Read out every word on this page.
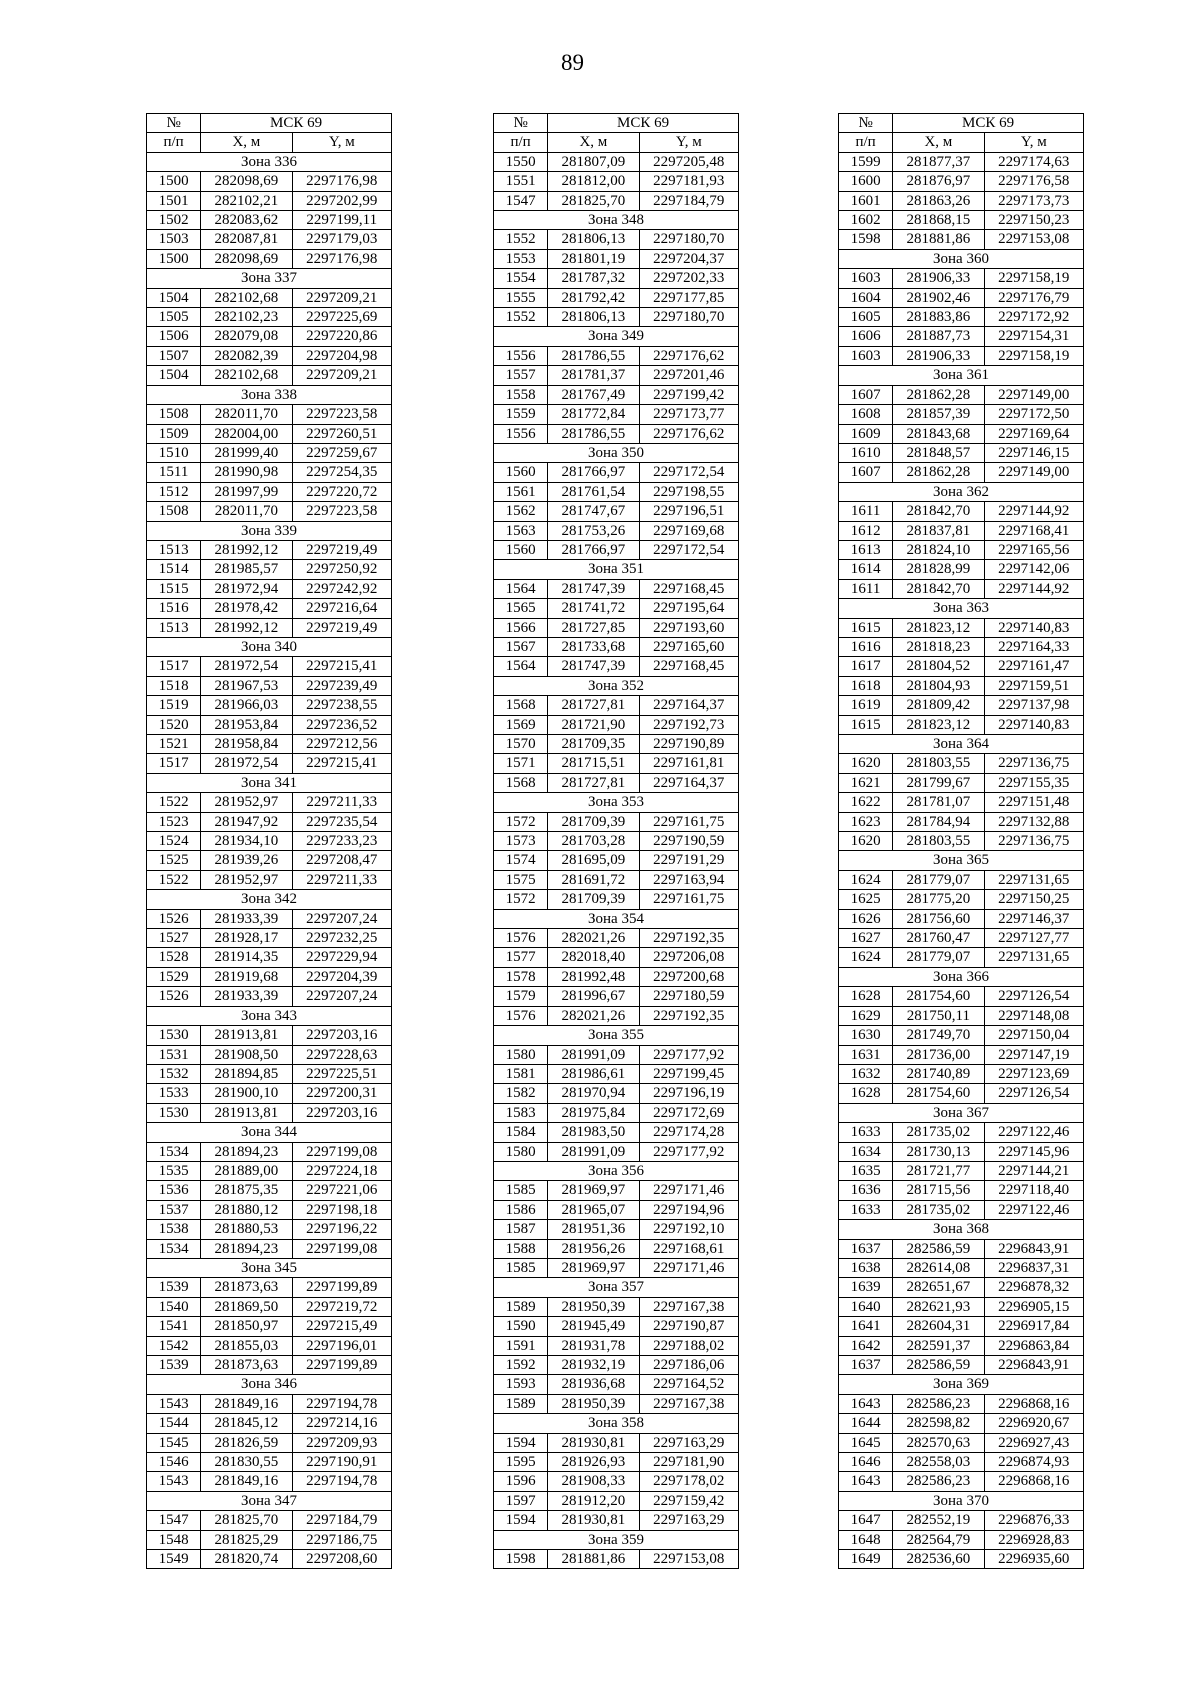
89
№	МСК 69	
п/п	X, м	Y, м
Зона 336		
1500	282098,69	2297176,98
1501	282102,21	2297202,99
1502	282083,62	2297199,11
1503	282087,81	2297179,03
1500	282098,69	2297176,98
Зона 337		
1504	282102,68	2297209,21
1505	282102,23	2297225,69
1506	282079,08	2297220,86
1507	282082,39	2297204,98
1504	282102,68	2297209,21
Зона 338		
1508	282011,70	2297223,58
1509	282004,00	2297260,51
1510	281999,40	2297259,67
1511	281990,98	2297254,35
1512	281997,99	2297220,72
1508	282011,70	2297223,58
Зона 339		
1513	281992,12	2297219,49
1514	281985,57	2297250,92
1515	281972,94	2297242,92
1516	281978,42	2297216,64
1513	281992,12	2297219,49
Зона 340		
1517	281972,54	2297215,41
1518	281967,53	2297239,49
1519	281966,03	2297238,55
1520	281953,84	2297236,52
1521	281958,84	2297212,56
1517	281972,54	2297215,41
Зона 341		
1522	281952,97	2297211,33
1523	281947,92	2297235,54
1524	281934,10	2297233,23
1525	281939,26	2297208,47
1522	281952,97	2297211,33
Зона 342		
1526	281933,39	2297207,24
1527	281928,17	2297232,25
1528	281914,35	2297229,94
1529	281919,68	2297204,39
1526	281933,39	2297207,24
Зона 343		
1530	281913,81	2297203,16
1531	281908,50	2297228,63
1532	281894,85	2297225,51
1533	281900,10	2297200,31
1530	281913,81	2297203,16
Зона 344		
1534	281894,23	2297199,08
1535	281889,00	2297224,18
1536	281875,35	2297221,06
1537	281880,12	2297198,18
1538	281880,53	2297196,22
1534	281894,23	2297199,08
Зона 345		
1539	281873,63	2297199,89
1540	281869,50	2297219,72
1541	281850,97	2297215,49
1542	281855,03	2297196,01
1539	281873,63	2297199,89
Зона 346		
1543	281849,16	2297194,78
1544	281845,12	2297214,16
1545	281826,59	2297209,93
1546	281830,55	2297190,91
1543	281849,16	2297194,78
Зона 347		
1547	281825,70	2297184,79
1548	281825,29	2297186,75
1549	281820,74	2297208,60
№	МСК 69	
п/п	X, м	Y, м
1550	281807,09	2297205,48
1551	281812,00	2297181,93
1547	281825,70	2297184,79
Зона 348		
1552	281806,13	2297180,70
1553	281801,19	2297204,37
1554	281787,32	2297202,33
1555	281792,42	2297177,85
1552	281806,13	2297180,70
Зона 349		
1556	281786,55	2297176,62
1557	281781,37	2297201,46
1558	281767,49	2297199,42
1559	281772,84	2297173,77
1556	281786,55	2297176,62
Зона 350		
1560	281766,97	2297172,54
1561	281761,54	2297198,55
1562	281747,67	2297196,51
1563	281753,26	2297169,68
1560	281766,97	2297172,54
Зона 351		
1564	281747,39	2297168,45
1565	281741,72	2297195,64
1566	281727,85	2297193,60
1567	281733,68	2297165,60
1564	281747,39	2297168,45
Зона 352		
1568	281727,81	2297164,37
1569	281721,90	2297192,73
1570	281709,35	2297190,89
1571	281715,51	2297161,81
1568	281727,81	2297164,37
Зона 353		
1572	281709,39	2297161,75
1573	281703,28	2297190,59
1574	281695,09	2297191,29
1575	281691,72	2297163,94
1572	281709,39	2297161,75
Зона 354		
1576	282021,26	2297192,35
1577	282018,40	2297206,08
1578	281992,48	2297200,68
1579	281996,67	2297180,59
1576	282021,26	2297192,35
Зона 355		
1580	281991,09	2297177,92
1581	281986,61	2297199,45
1582	281970,94	2297196,19
1583	281975,84	2297172,69
1584	281983,50	2297174,28
1580	281991,09	2297177,92
Зона 356		
1585	281969,97	2297171,46
1586	281965,07	2297194,96
1587	281951,36	2297192,10
1588	281956,26	2297168,61
1585	281969,97	2297171,46
Зона 357		
1589	281950,39	2297167,38
1590	281945,49	2297190,87
1591	281931,78	2297188,02
1592	281932,19	2297186,06
1593	281936,68	2297164,52
1589	281950,39	2297167,38
Зона 358		
1594	281930,81	2297163,29
1595	281926,93	2297181,90
1596	281908,33	2297178,02
1597	281912,20	2297159,42
1594	281930,81	2297163,29
Зона 359		
1598	281881,86	2297153,08
№	МСК 69	
п/п	X, м	Y, м
1599	281877,37	2297174,63
1600	281876,97	2297176,58
1601	281863,26	2297173,73
1602	281868,15	2297150,23
1598	281881,86	2297153,08
Зона 360		
1603	281906,33	2297158,19
1604	281902,46	2297176,79
1605	281883,86	2297172,92
1606	281887,73	2297154,31
1603	281906,33	2297158,19
Зона 361		
1607	281862,28	2297149,00
1608	281857,39	2297172,50
1609	281843,68	2297169,64
1610	281848,57	2297146,15
1607	281862,28	2297149,00
Зона 362		
1611	281842,70	2297144,92
1612	281837,81	2297168,41
1613	281824,10	2297165,56
1614	281828,99	2297142,06
1611	281842,70	2297144,92
Зона 363		
1615	281823,12	2297140,83
1616	281818,23	2297164,33
1617	281804,52	2297161,47
1618	281804,93	2297159,51
1619	281809,42	2297137,98
1615	281823,12	2297140,83
Зона 364		
1620	281803,55	2297136,75
1621	281799,67	2297155,35
1622	281781,07	2297151,48
1623	281784,94	2297132,88
1620	281803,55	2297136,75
Зона 365		
1624	281779,07	2297131,65
1625	281775,20	2297150,25
1626	281756,60	2297146,37
1627	281760,47	2297127,77
1624	281779,07	2297131,65
Зона 366		
1628	281754,60	2297126,54
1629	281750,11	2297148,08
1630	281749,70	2297150,04
1631	281736,00	2297147,19
1632	281740,89	2297123,69
1628	281754,60	2297126,54
Зона 367		
1633	281735,02	2297122,46
1634	281730,13	2297145,96
1635	281721,77	2297144,21
1636	281715,56	2297118,40
1633	281735,02	2297122,46
Зона 368		
1637	282586,59	2296843,91
1638	282614,08	2296837,31
1639	282651,67	2296878,32
1640	282621,93	2296905,15
1641	282604,31	2296917,84
1642	282591,37	2296863,84
1637	282586,59	2296843,91
Зона 369		
1643	282586,23	2296868,16
1644	282598,82	2296920,67
1645	282570,63	2296927,43
1646	282558,03	2296874,93
1643	282586,23	2296868,16
Зона 370		
1647	282552,19	2296876,33
1648	282564,79	2296928,83
1649	282536,60	2296935,60
